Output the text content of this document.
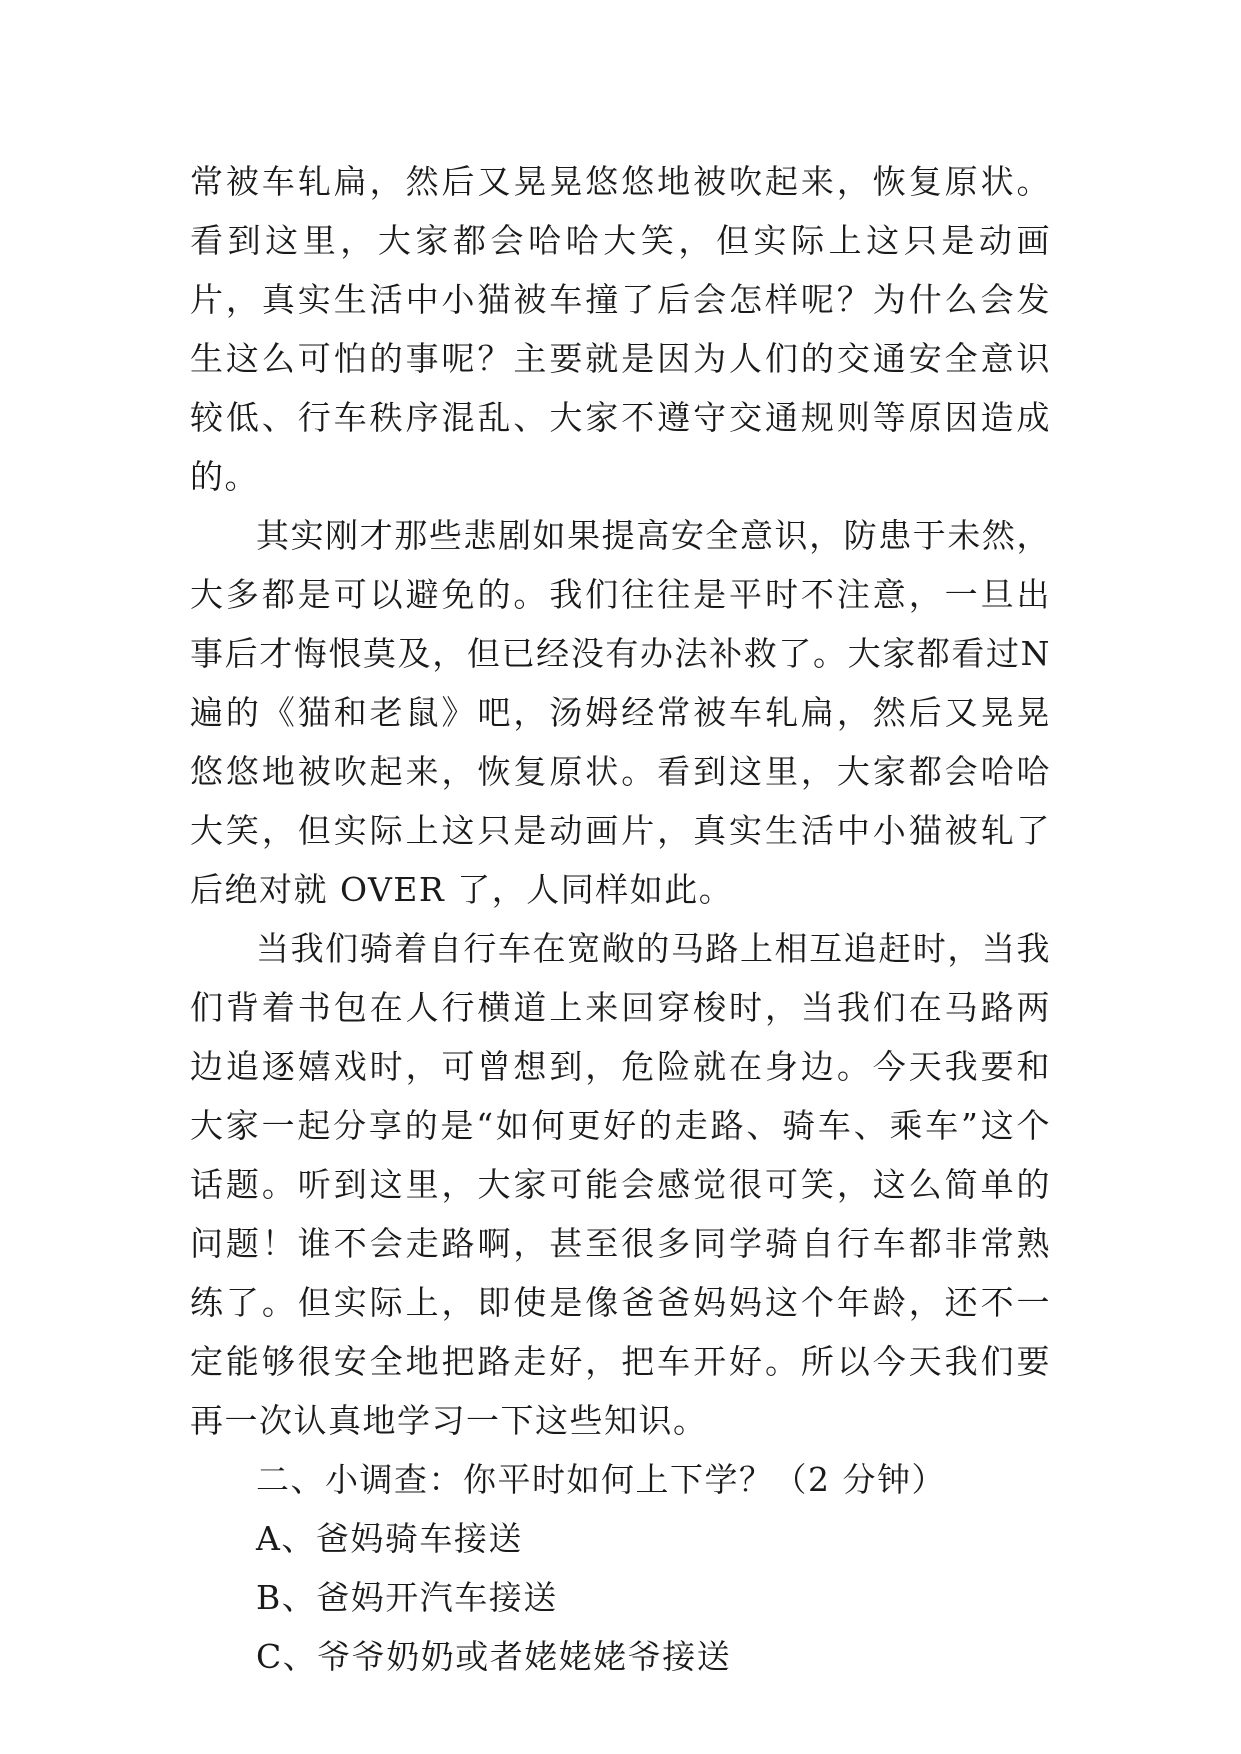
常被车轧扁，然后又晃晃悠悠地被吹起来，恢复原状。看到这里，大家都会哈哈大笑，但实际上这只是动画片，真实生活中小猫被车撞了后会怎样呢？为什么会发生这么可怕的事呢？主要就是因为人们的交通安全意识较低、行车秩序混乱、大家不遵守交通规则等原因造成的。

其实刚才那些悲剧如果提高安全意识，防患于未然，大多都是可以避免的。我们往往是平时不注意，一旦出事后才悔恨莫及，但已经没有办法补救了。大家都看过N遍的《猫和老鼠》吧，汤姆经常被车轧扁，然后又晃晃悠悠地被吹起来，恢复原状。看到这里，大家都会哈哈大笑，但实际上这只是动画片，真实生活中小猫被轧了后绝对就 OVER 了，人同样如此。

当我们骑着自行车在宽敞的马路上相互追赶时，当我们背着书包在人行横道上来回穿梭时，当我们在马路两边追逐嬉戏时，可曾想到，危险就在身边。今天我要和大家一起分享的是“如何更好的走路、骑车、乘车”这个话题。听到这里，大家可能会感觉很可笑，这么简单的问题！谁不会走路啊，甚至很多同学骑自行车都非常熟练了。但实际上，即使是像爸爸妈妈这个年龄，还不一定能够很安全地把路走好，把车开好。所以今天我们要再一次认真地学习一下这些知识。

二、小调查：你平时如何上下学？（2 分钟）

A、爸妈骑车接送

B、爸妈开汽车接送

C、爷爷奶奶或者姥姥姥爷接送
